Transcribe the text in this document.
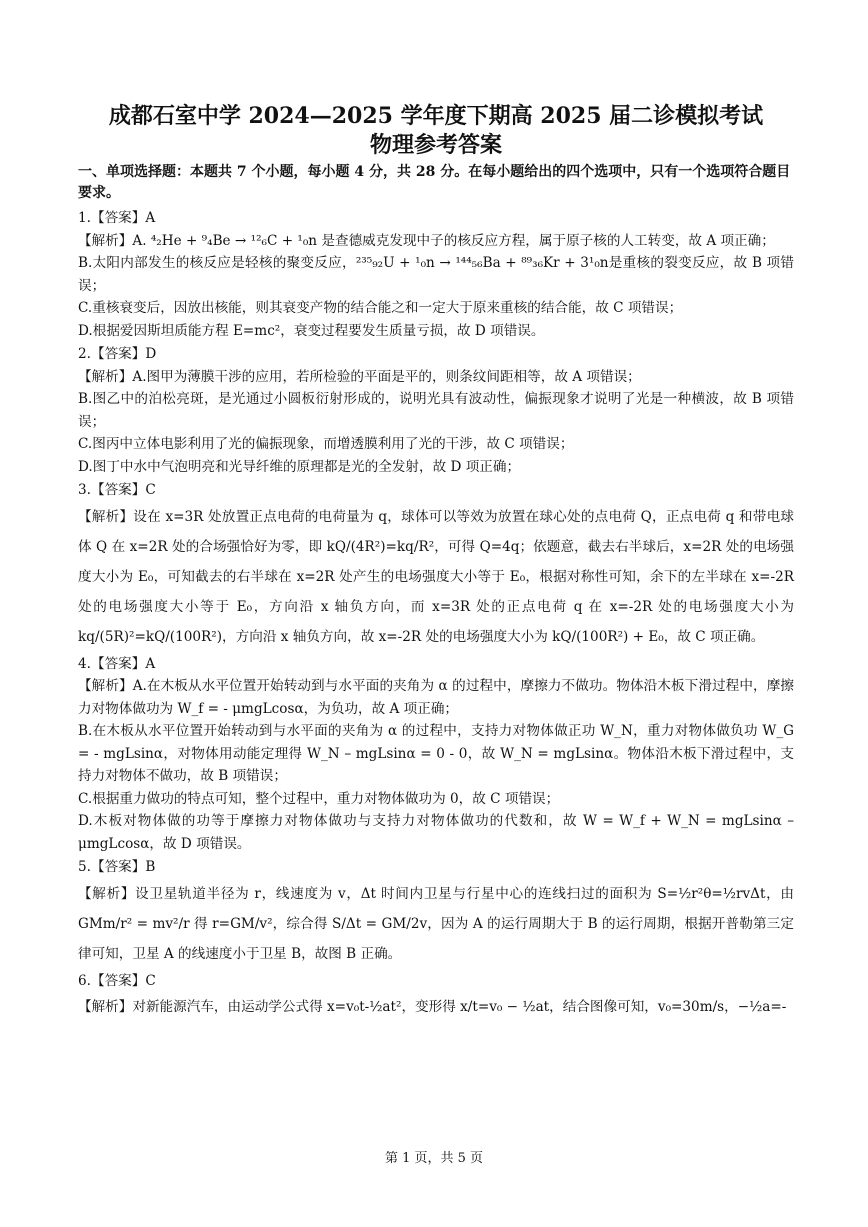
成都石室中学 2024—2025 学年度下期高 2025 届二诊模拟考试

物理参考答案

一、单项选择题：本题共 7 个小题，每小题 4 分，共 28 分。在每小题给出的四个选项中，只有一个选项符合题目要求。

1.【答案】A

【解析】A. ⁴₂He + ⁹₄Be → ¹²₆C + ¹₀n 是查德威克发现中子的核反应方程，属于原子核的人工转变，故 A 项正确；

B.太阳内部发生的核反应是轻核的聚变反应，²³⁵₉₂U + ¹₀n → ¹⁴⁴₅₆Ba + ⁸⁹₃₆Kr + 3¹₀n是重核的裂变反应，故 B 项错误；

C.重核衰变后，因放出核能，则其衰变产物的结合能之和一定大于原来重核的结合能，故 C 项错误；

D.根据爱因斯坦质能方程 E=mc²，衰变过程要发生质量亏损，故 D 项错误。

2.【答案】D

【解析】A.图甲为薄膜干涉的应用，若所检验的平面是平的，则条纹间距相等，故 A 项错误；

B.图乙中的泊松亮斑，是光通过小圆板衍射形成的，说明光具有波动性，偏振现象才说明了光是一种横波，故 B 项错误；

C.图丙中立体电影利用了光的偏振现象，而增透膜利用了光的干涉，故 C 项错误；

D.图丁中水中气泡明亮和光导纤维的原理都是光的全发射，故 D 项正确；

3.【答案】C

【解析】设在 x=3R 处放置正点电荷的电荷量为 q，球体可以等效为放置在球心处的点电荷 Q，正点电荷 q 和带电球体 Q 在 x=2R 处的合场强恰好为零，即 kQ/(4R²)=kq/R²，可得 Q=4q；依题意，截去右半球后，x=2R 处的电场强度大小为 E₀，可知截去的右半球在 x=2R 处产生的电场强度大小等于 E₀，根据对称性可知，余下的左半球在 x=-2R 处的电场强度大小等于 E₀，方向沿 x 轴负方向，而 x=3R 处的正点电荷 q 在 x=-2R 处的电场强度大小为 kq/(5R)²=kQ/(100R²)，方向沿 x 轴负方向，故 x=-2R 处的电场强度大小为 kQ/(100R²) + E₀，故 C 项正确。

4.【答案】A

【解析】A.在木板从水平位置开始转动到与水平面的夹角为 α 的过程中，摩擦力不做功。物体沿木板下滑过程中，摩擦力对物体做功为 W_f = - μmgLcosα，为负功，故 A 项正确；

B.在木板从水平位置开始转动到与水平面的夹角为 α 的过程中，支持力对物体做正功 W_N，重力对物体做负功 W_G = - mgLsinα，对物体用动能定理得 W_N – mgLsinα = 0 - 0，故 W_N = mgLsinα。物体沿木板下滑过程中，支持力对物体不做功，故 B 项错误；

C.根据重力做功的特点可知，整个过程中，重力对物体做功为 0，故 C 项错误；

D.木板对物体做的功等于摩擦力对物体做功与支持力对物体做功的代数和，故 W = W_f + W_N = mgLsinα – μmgLcosα，故 D 项错误。

5.【答案】B

【解析】设卫星轨道半径为 r，线速度为 v，Δt 时间内卫星与行星中心的连线扫过的面积为 S=½r²θ=½rvΔt，由 GMm/r² = mv²/r 得 r=GM/v²，综合得 S/Δt = GM/2v，因为 A 的运行周期大于 B 的运行周期，根据开普勒第三定律可知，卫星 A 的线速度小于卫星 B，故图 B 正确。

6.【答案】C

【解析】对新能源汽车，由运动学公式得 x=v₀t-½at²，变形得 x/t=v₀ − ½at，结合图像可知，v₀=30m/s，−½a=-

第 1 页，共 5 页
